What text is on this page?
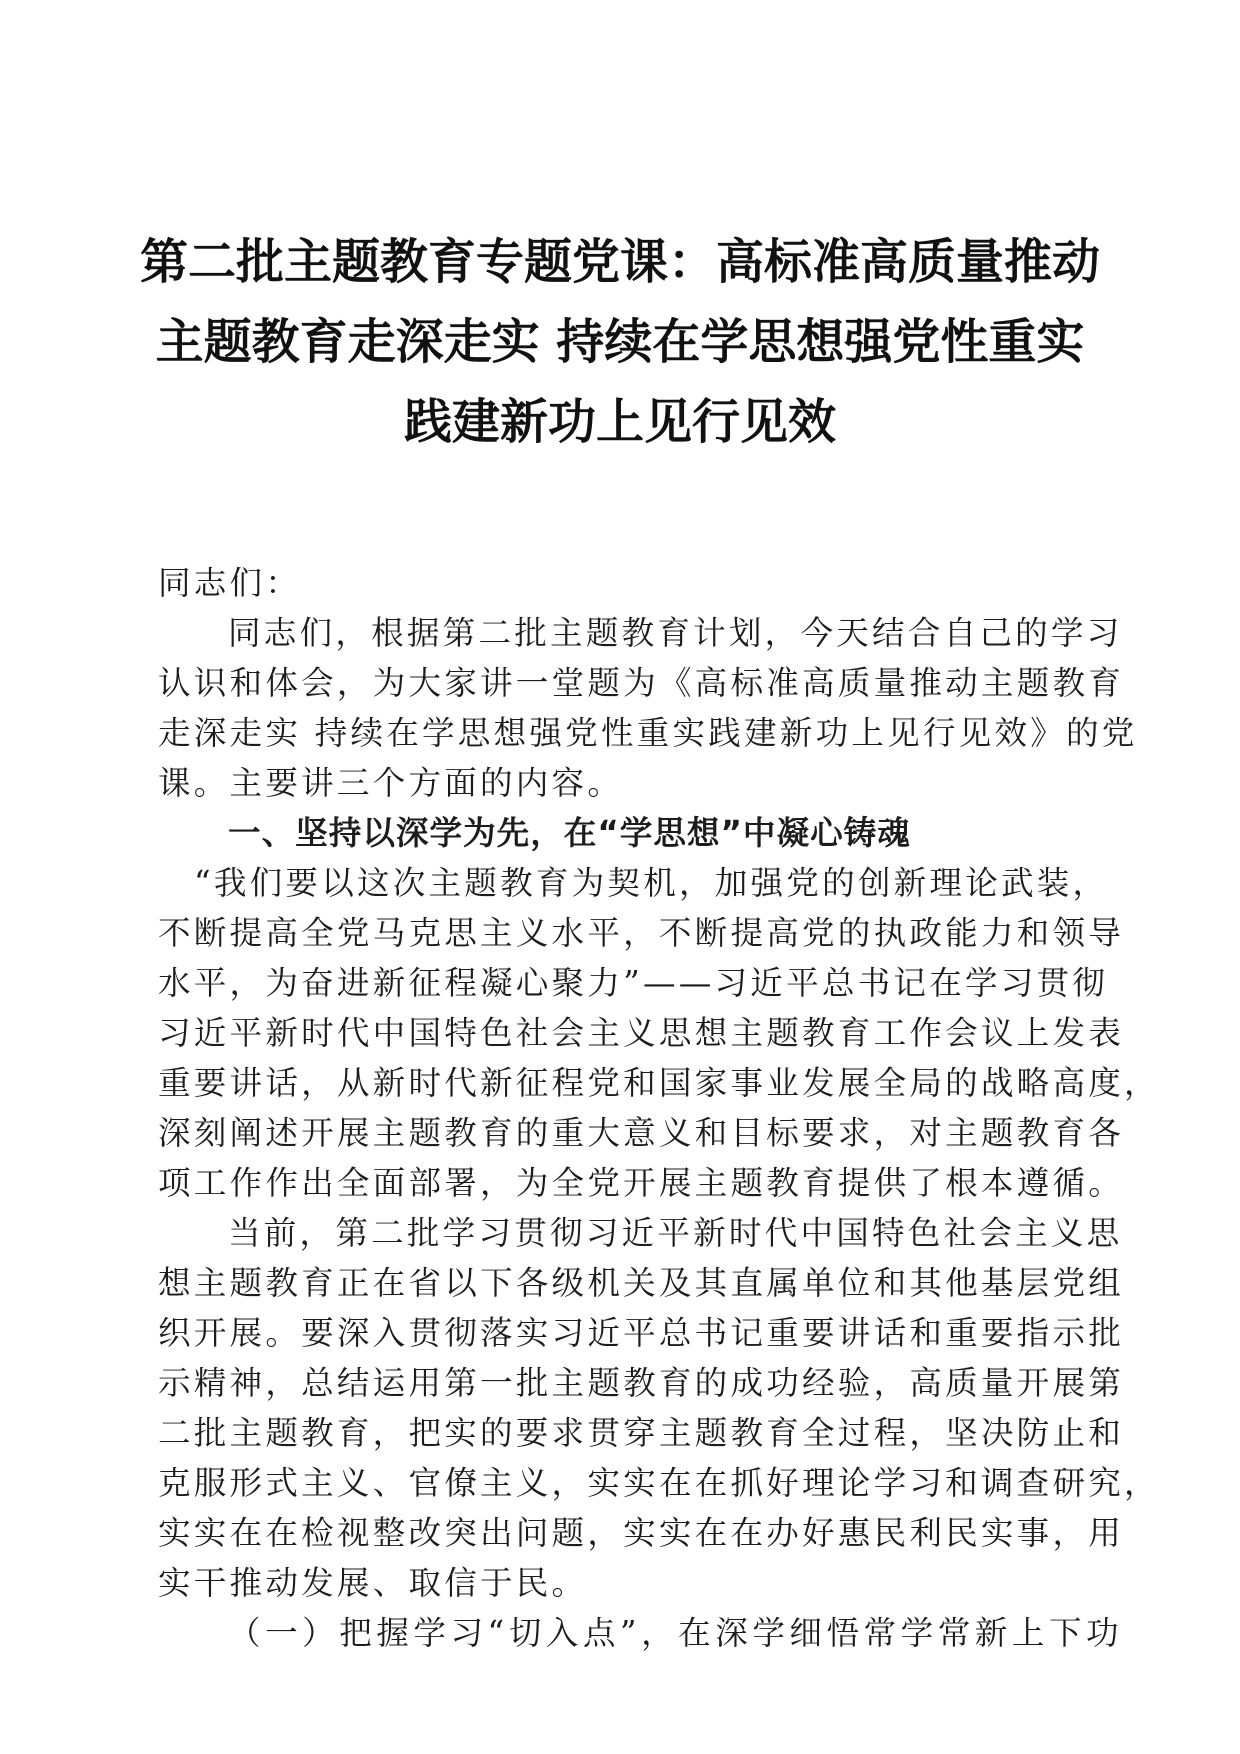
第二批主题教育专题党课：高标准高质量推动
主题教育走深走实 持续在学思想强党性重实
践建新功上见行见效
同志们：
同志们，根据第二批主题教育计划，今天结合自己的学习
认识和体会，为大家讲一堂题为《高标准高质量推动主题教育
走深走实 持续在学思想强党性重实践建新功上见行见效》的党
课。主要讲三个方面的内容。
一、坚持以深学为先，在“学思想”中凝心铸魂
“我们要以这次主题教育为契机，加强党的创新理论武装，
不断提高全党马克思主义水平，不断提高党的执政能力和领导
水平，为奋进新征程凝心聚力”——习近平总书记在学习贯彻
习近平新时代中国特色社会主义思想主题教育工作会议上发表
重要讲话，从新时代新征程党和国家事业发展全局的战略高度，
深刻阐述开展主题教育的重大意义和目标要求，对主题教育各
项工作作出全面部署，为全党开展主题教育提供了根本遵循。
当前，第二批学习贯彻习近平新时代中国特色社会主义思
想主题教育正在省以下各级机关及其直属单位和其他基层党组
织开展。要深入贯彻落实习近平总书记重要讲话和重要指示批
示精神，总结运用第一批主题教育的成功经验，高质量开展第
二批主题教育，把实的要求贯穿主题教育全过程，坚决防止和
克服形式主义、官僚主义，实实在在抓好理论学习和调查研究，
实实在在检视整改突出问题，实实在在办好惠民利民实事，用
实干推动发展、取信于民。
（一）把握学习“切入点”，在深学细悟常学常新上下功
